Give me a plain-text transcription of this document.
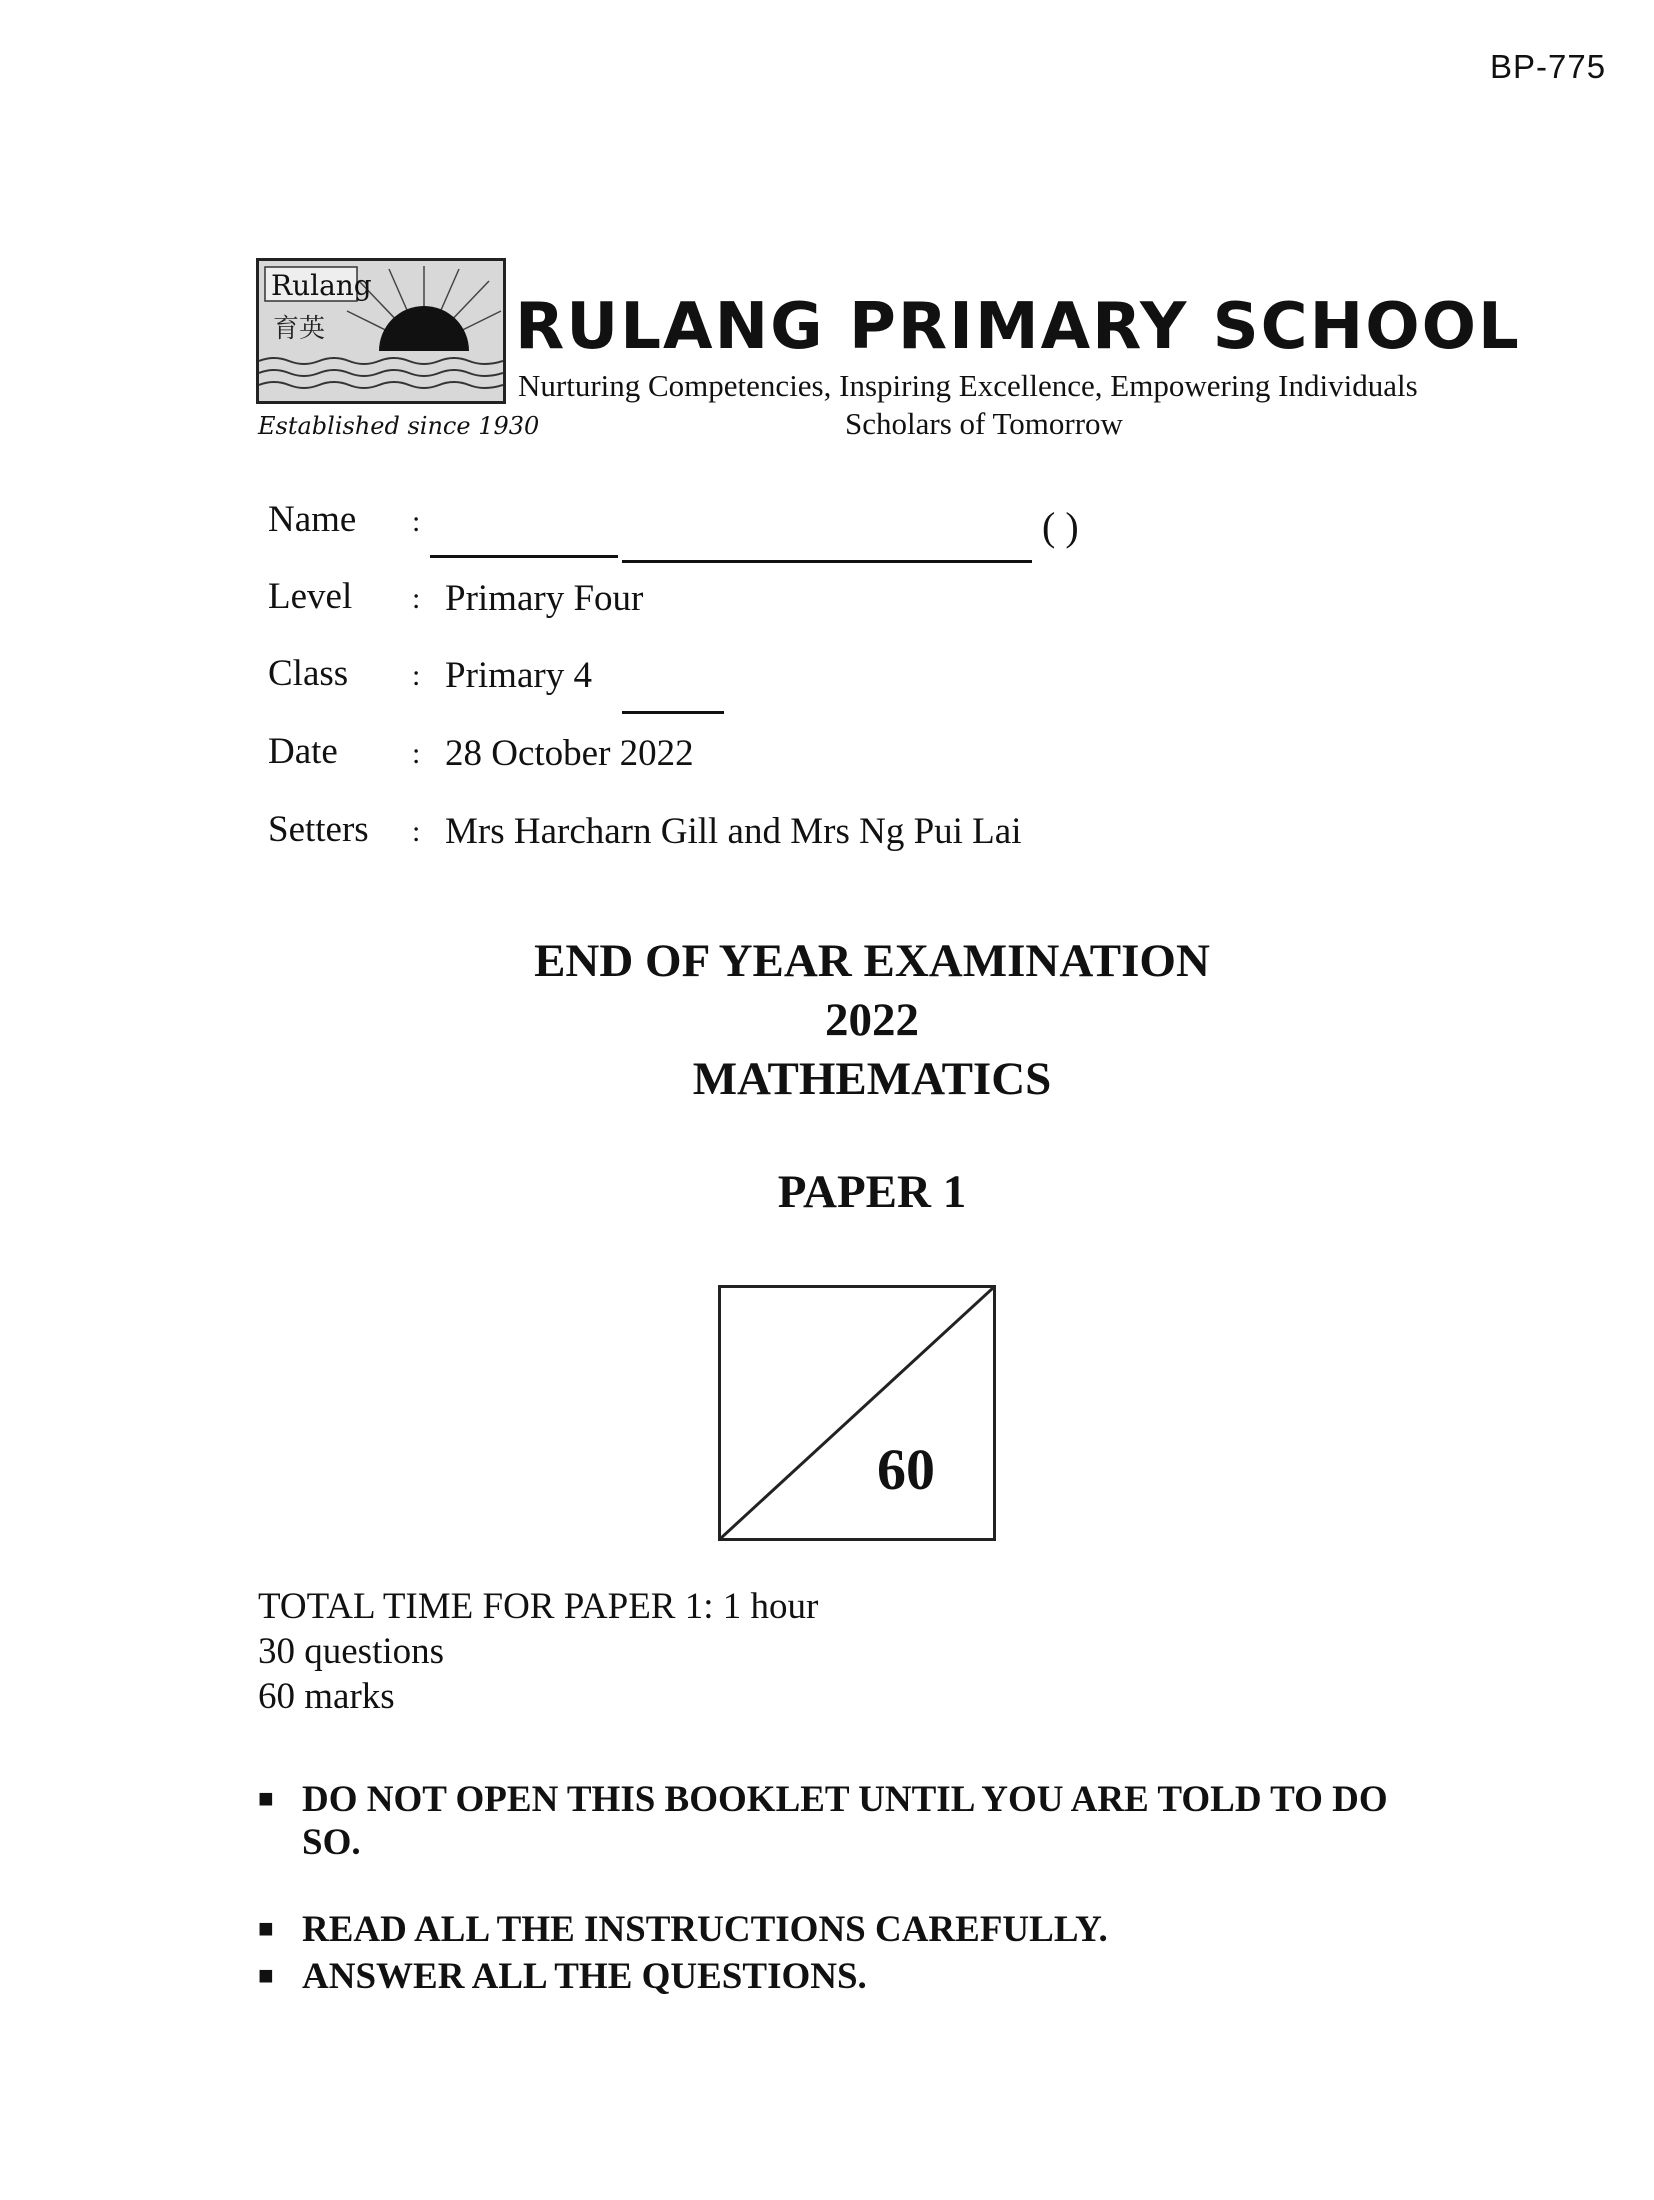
BP-775
Rulang
育英
Established since 1930
RULANG PRIMARY SCHOOL
Nurturing Competencies, Inspiring Excellence, Empowering Individuals
Scholars of Tomorrow
Name :	( )
Level : Primary Four
Class : Primary 4
Date : 28 October 2022
Setters : Mrs Harcharn Gill and Mrs Ng Pui Lai
END OF YEAR EXAMINATION
2022
MATHEMATICS
PAPER 1
60
TOTAL TIME FOR PAPER 1: 1 hour
30 questions
60 marks
■ DO NOT OPEN THIS BOOKLET UNTIL YOU ARE TOLD TO DO SO.
■ READ ALL THE INSTRUCTIONS CAREFULLY.
■ ANSWER ALL THE QUESTIONS.
